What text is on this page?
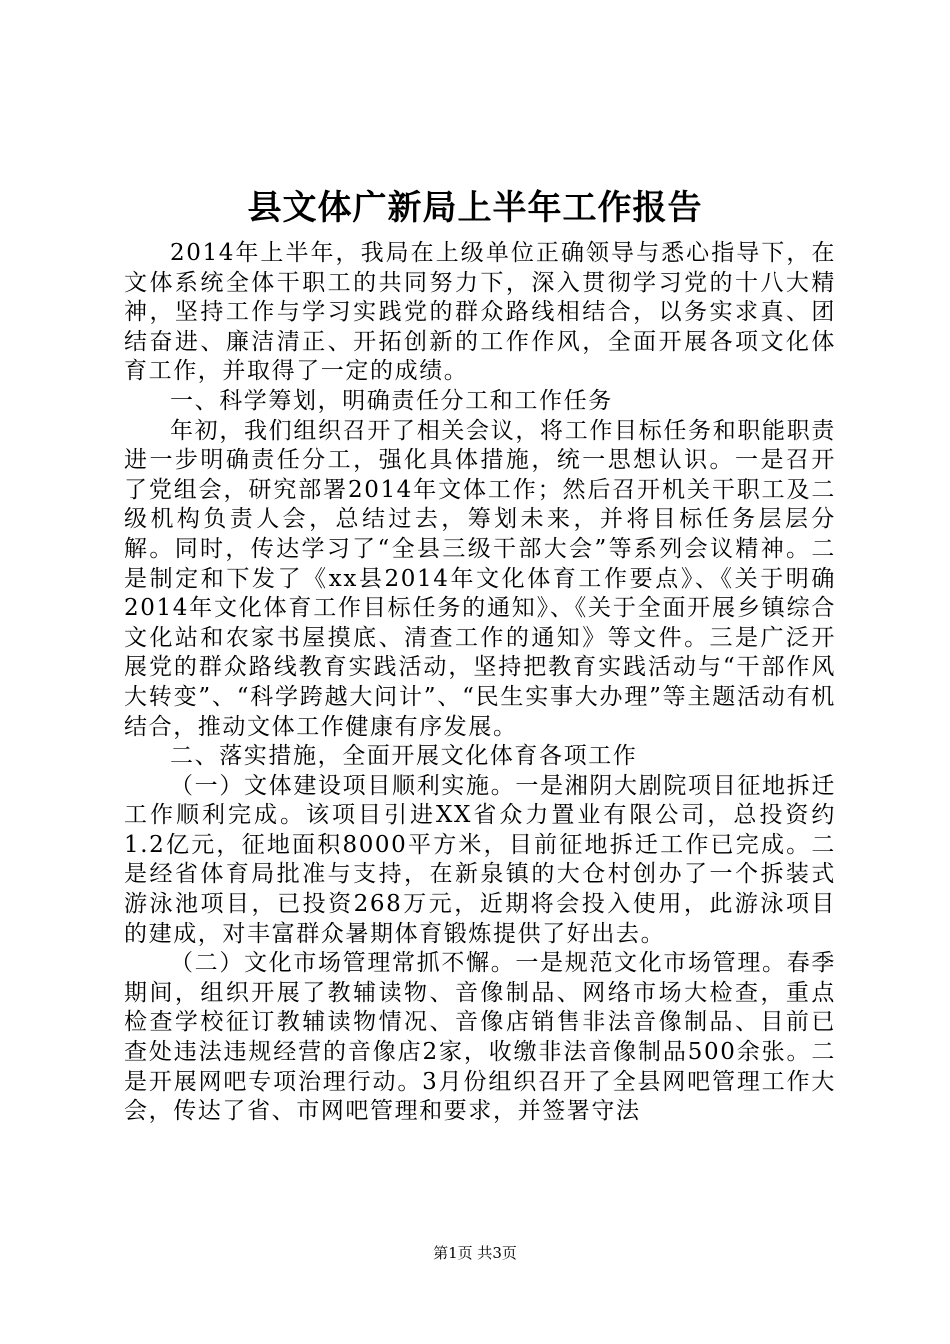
县文体广新局上半年工作报告

2014年上半年，我局在上级单位正确领导与悉心指导下，在文体系统全体干职工的共同努力下，深入贯彻学习党的十八大精神，坚持工作与学习实践党的群众路线相结合，以务实求真、团结奋进、廉洁清正、开拓创新的工作作风，全面开展各项文化体育工作，并取得了一定的成绩。

一、科学筹划，明确责任分工和工作任务

年初，我们组织召开了相关会议，将工作目标任务和职能职责进一步明确责任分工，强化具体措施，统一思想认识。一是召开了党组会，研究部署2014年文体工作；然后召开机关干职工及二级机构负责人会，总结过去，筹划未来，并将目标任务层层分解。同时，传达学习了“全县三级干部大会”等系列会议精神。二是制定和下发了《xx县2014年文化体育工作要点》、《关于明确2014年文化体育工作目标任务的通知》、《关于全面开展乡镇综合文化站和农家书屋摸底、清查工作的通知》等文件。三是广泛开展党的群众路线教育实践活动，坚持把教育实践活动与“干部作风大转变”、“科学跨越大问计”、“民生实事大办理”等主题活动有机结合，推动文体工作健康有序发展。

二、落实措施，全面开展文化体育各项工作

（一）文体建设项目顺利实施。一是湘阴大剧院项目征地拆迁工作顺利完成。该项目引进XX省众力置业有限公司，总投资约1.2亿元，征地面积8000平方米，目前征地拆迁工作已完成。二是经省体育局批准与支持，在新泉镇的大仓村创办了一个拆装式游泳池项目，已投资268万元，近期将会投入使用，此游泳项目的建成，对丰富群众暑期体育锻炼提供了好出去。

（二）文化市场管理常抓不懈。一是规范文化市场管理。春季期间，组织开展了教辅读物、音像制品、网络市场大检查，重点检查学校征订教辅读物情况、音像店销售非法音像制品、目前已查处违法违规经营的音像店2家，收缴非法音像制品500余张。二是开展网吧专项治理行动。3月份组织召开了全县网吧管理工作大会，传达了省、市网吧管理和要求，并签署守法

第1页 共3页
